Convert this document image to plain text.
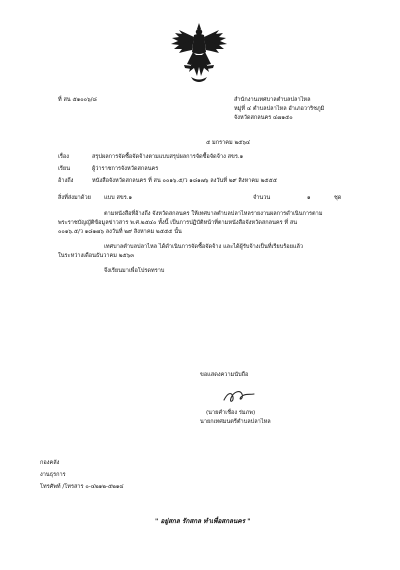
ที่ สน ๕๑๐๐๖/๘	สำนักงานเทศบาลตำบลปลาไหล
หมู่ที่ ๔ ตำบลปลาไหล อำเภอวาริชภูมิ
จังหวัดสกลนคร ๔๗๑๕๐
๕ มกราคม ๒๕๖๔
เรื่อง	สรุปผลการจัดซื้อจัดจ้างตามแบบสรุปผลการจัดซื้อจัดจ้าง สขร.๑
เรียน	ผู้ว่าราชการจังหวัดสกลนคร
อ้างถึง	หนังสือจังหวัดสกลนคร ที่ สน ๐๐๑๖.๕/ว ๑๘๑๗๖ ลงวันที่ ๒๙ สิงหาคม ๒๕๕๕
สิ่งที่ส่งมาด้วย แบบ สขร.๑	จำนวน	๑	ชุด
ตามหนังสือที่อ้างถึง จังหวัดสกลนคร ให้เทศบาลตำบลปลาไหลรายงานผลการดำเนินการตาม
พระราชบัญญัติข้อมูลข่าวสาร พ.ศ.๒๕๔๐ ทั้งนี้ เป็นการปฏิบัติหน้าที่ตามหนังสือจังหวัดสกลนคร ที่ สน
๐๐๑๖.๕/ว ๑๘๑๗๖ ลงวันที่ ๒๙ สิงหาคม ๒๕๕๕ นั้น
เทศบาลตำบลปลาไหล ได้ดำเนินการจัดซื้อจัดจ้าง และได้ผู้รับจ้างเป็นที่เรียบร้อยแล้ว
ในระหว่างเดือนธันวาคม ๒๕๖๓
จึงเรียนมาเพื่อโปรดทราบ
ขอแสดงความนับถือ
(นายคำเชื่อง ร่มภพ)
นายกเทศมนตรีตำบลปลาไหล
กองคลัง
งานธุรการ
โทรศัพท์ /โทรสาร ๐-๔๒๑๒-๕๒๑๔
" อยู่สกล รักสกล ทำเพื่อสกลนคร "
